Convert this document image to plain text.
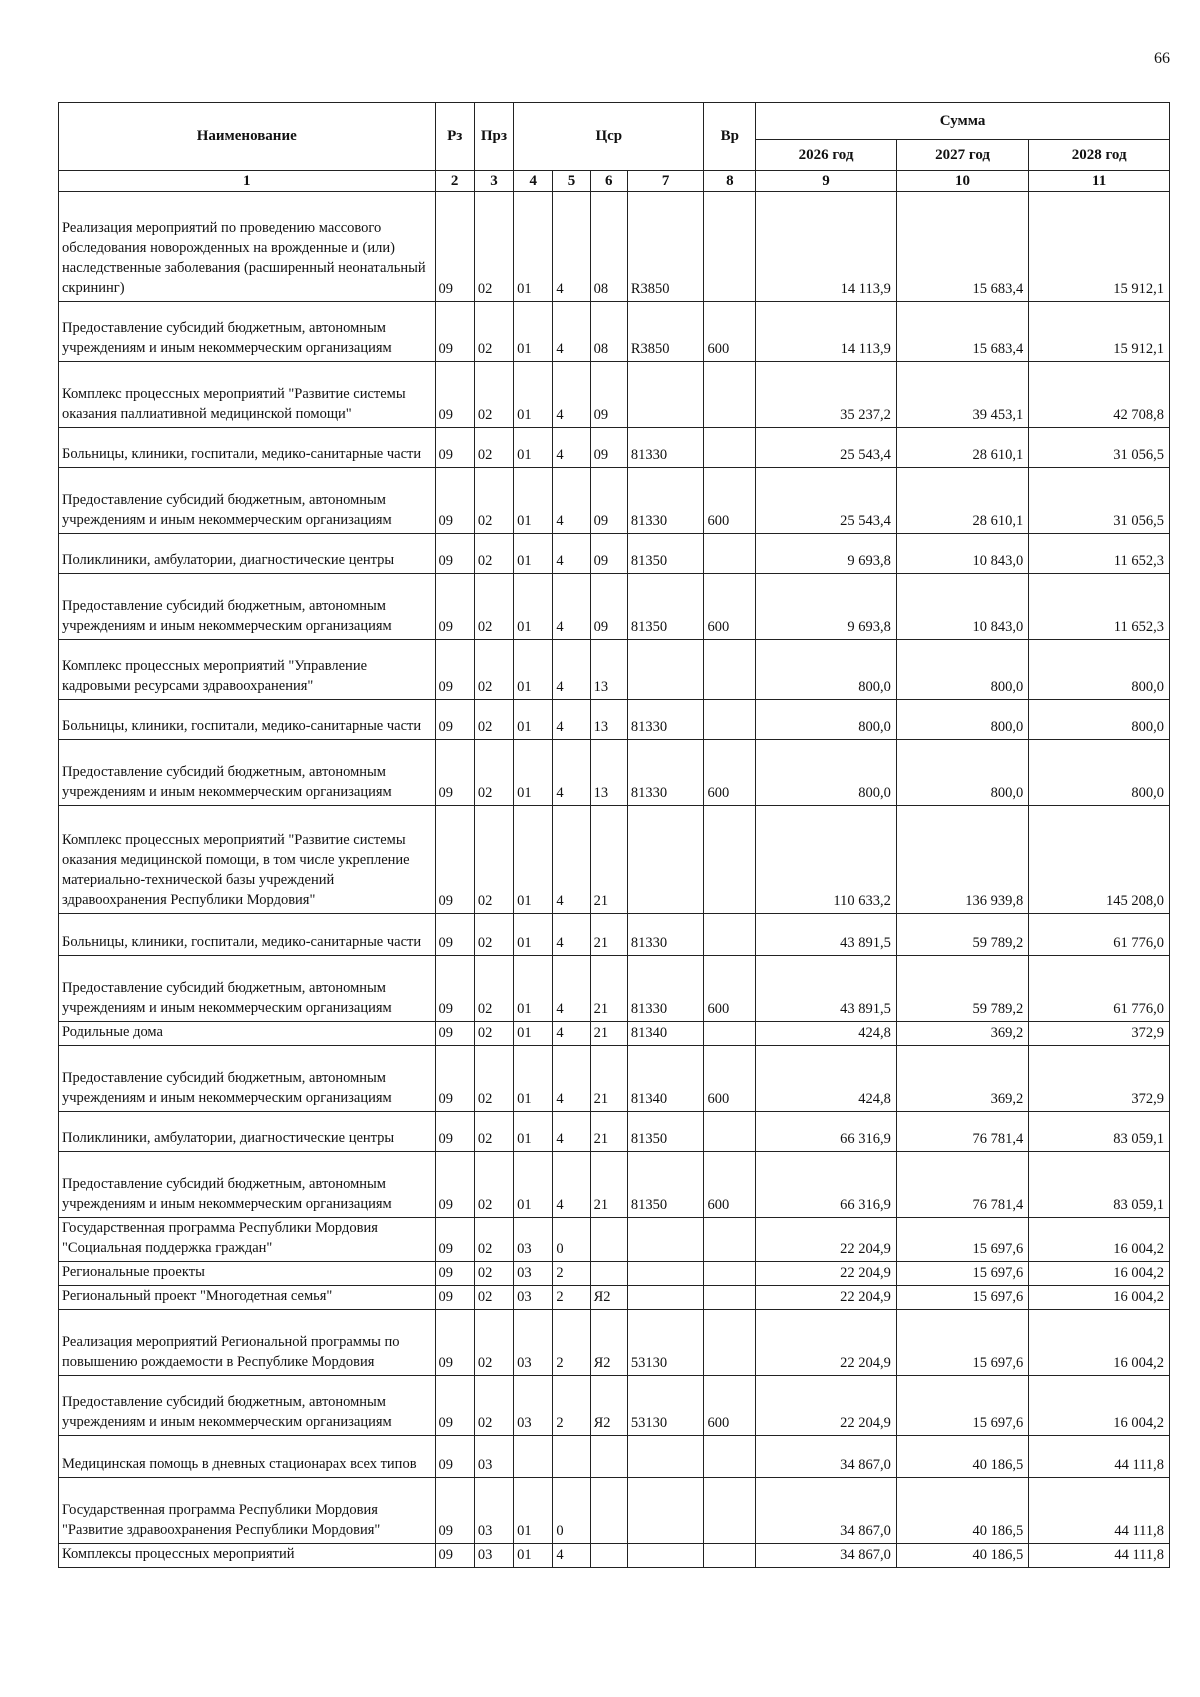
66
Наименование	Рз	Прз	Цср				Вр	Сумма		
								2026 год	2027 год	2028 год
1	2	3	4	5	6	7	8	9	10	11
Реализация мероприятий по проведению массового обследования новорожденных на врожденные и (или) наследственные заболевания (расширенный неонатальный скрининг)	09	02	01	4	08	R3850		14 113,9	15 683,4	15 912,1
Предоставление субсидий бюджетным, автономным учреждениям и иным некоммерческим организациям	09	02	01	4	08	R3850	600	14 113,9	15 683,4	15 912,1
Комплекс процессных мероприятий "Развитие системы оказания паллиативной медицинской помощи"	09	02	01	4	09			35 237,2	39 453,1	42 708,8
Больницы, клиники, госпитали, медико-санитарные части	09	02	01	4	09	81330		25 543,4	28 610,1	31 056,5
Предоставление субсидий бюджетным, автономным учреждениям и иным некоммерческим организациям	09	02	01	4	09	81330	600	25 543,4	28 610,1	31 056,5
Поликлиники, амбулатории, диагностические центры	09	02	01	4	09	81350		9 693,8	10 843,0	11 652,3
Предоставление субсидий бюджетным, автономным учреждениям и иным некоммерческим организациям	09	02	01	4	09	81350	600	9 693,8	10 843,0	11 652,3
Комплекс процессных мероприятий "Управление кадровыми ресурсами здравоохранения"	09	02	01	4	13			800,0	800,0	800,0
Больницы, клиники, госпитали, медико-санитарные части	09	02	01	4	13	81330		800,0	800,0	800,0
Предоставление субсидий бюджетным, автономным учреждениям и иным некоммерческим организациям	09	02	01	4	13	81330	600	800,0	800,0	800,0
Комплекс процессных мероприятий "Развитие системы оказания медицинской помощи, в том числе укрепление материально-технической базы учреждений здравоохранения Республики Мордовия"	09	02	01	4	21			110 633,2	136 939,8	145 208,0
Больницы, клиники, госпитали, медико-санитарные части	09	02	01	4	21	81330		43 891,5	59 789,2	61 776,0
Предоставление субсидий бюджетным, автономным учреждениям и иным некоммерческим организациям	09	02	01	4	21	81330	600	43 891,5	59 789,2	61 776,0
Родильные дома	09	02	01	4	21	81340		424,8	369,2	372,9
Предоставление субсидий бюджетным, автономным учреждениям и иным некоммерческим организациям	09	02	01	4	21	81340	600	424,8	369,2	372,9
Поликлиники, амбулатории, диагностические центры	09	02	01	4	21	81350		66 316,9	76 781,4	83 059,1
Предоставление субсидий бюджетным, автономным учреждениям и иным некоммерческим организациям	09	02	01	4	21	81350	600	66 316,9	76 781,4	83 059,1
Государственная программа Республики Мордовия "Социальная поддержка граждан"	09	02	03	0				22 204,9	15 697,6	16 004,2
Региональные проекты	09	02	03	2				22 204,9	15 697,6	16 004,2
Региональный проект "Многодетная семья"	09	02	03	2	Я2			22 204,9	15 697,6	16 004,2
Реализация мероприятий Региональной программы по повышению рождаемости в Республике Мордовия	09	02	03	2	Я2	53130		22 204,9	15 697,6	16 004,2
Предоставление субсидий бюджетным, автономным учреждениям и иным некоммерческим организациям	09	02	03	2	Я2	53130	600	22 204,9	15 697,6	16 004,2
Медицинская помощь в дневных стационарах всех типов	09	03						34 867,0	40 186,5	44 111,8
Государственная программа Республики Мордовия "Развитие здравоохранения Республики Мордовия"	09	03	01	0				34 867,0	40 186,5	44 111,8
Комплексы процессных мероприятий	09	03	01	4				34 867,0	40 186,5	44 111,8
